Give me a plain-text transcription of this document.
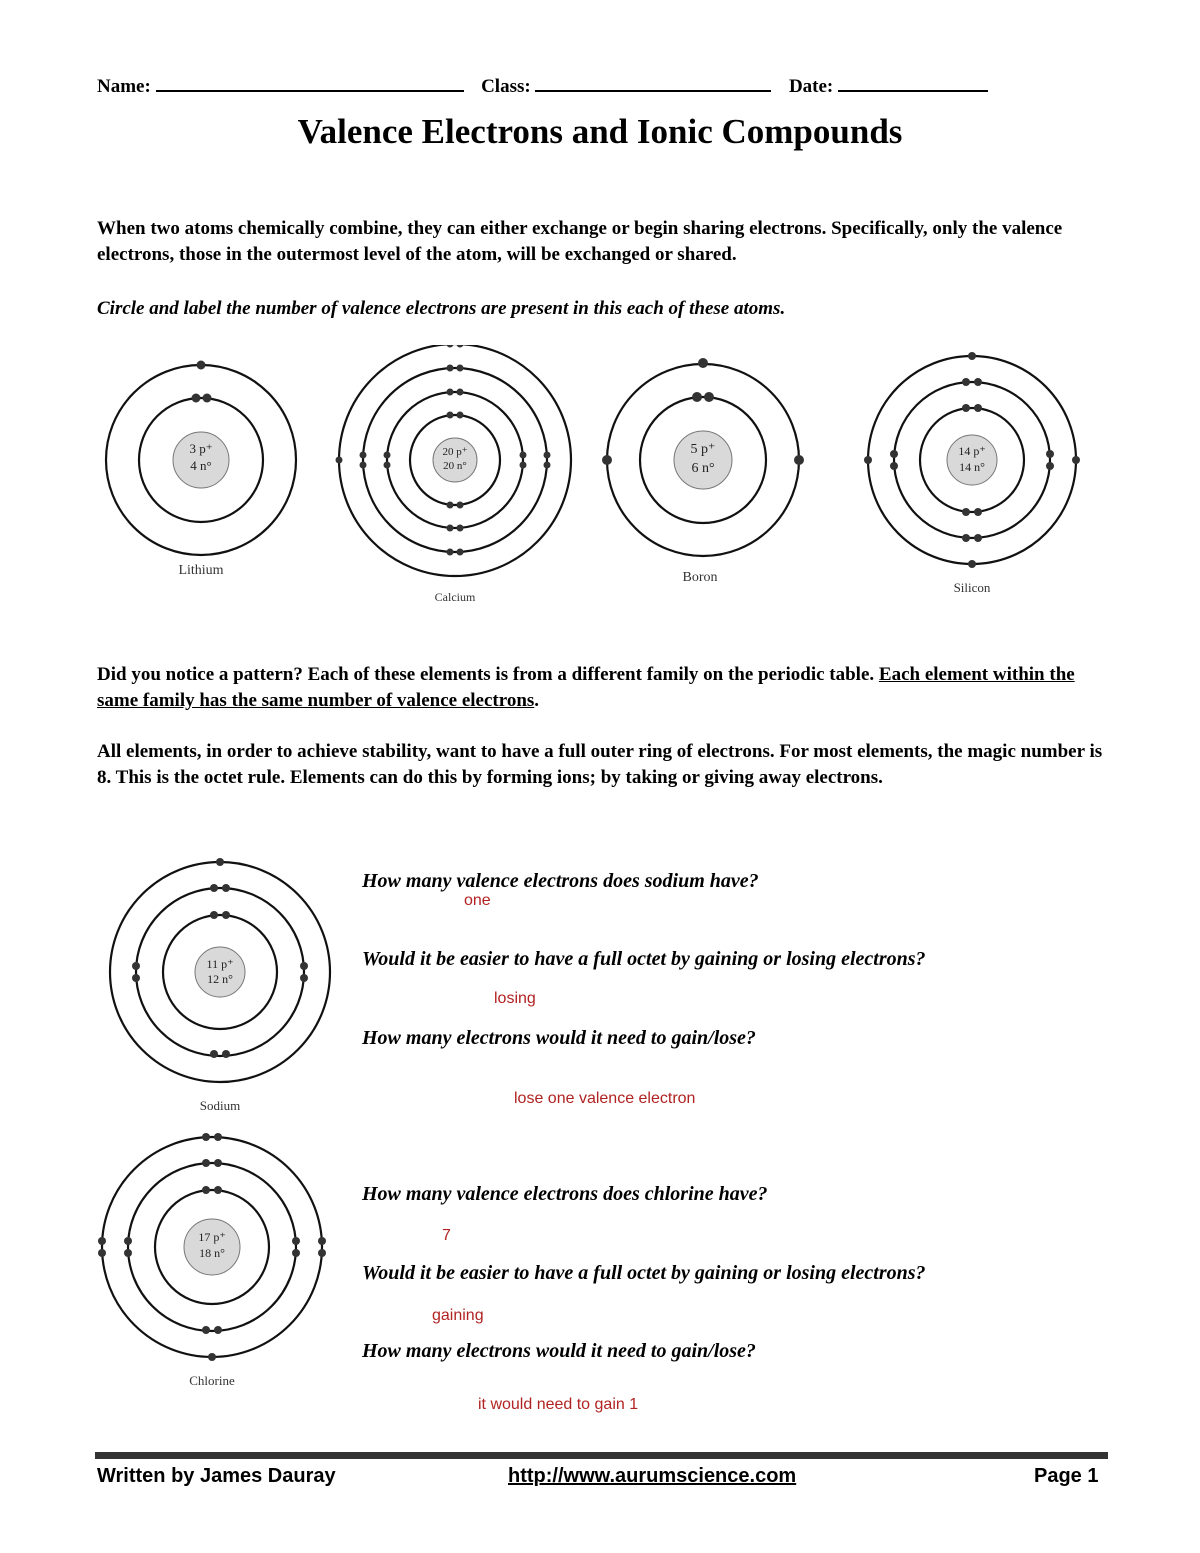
Name:	Class:	Date:
Valence Electrons and Ionic Compounds
When two atoms chemically combine, they can either exchange or begin sharing electrons. Specifically, only the valence electrons, those in the outermost level of the atom, will be exchanged or shared.
Circle and label the number of valence electrons are present in this each of these atoms.
3 p⁺
4 n°
20 p⁺
20 n°
5 p⁺
6 n°
14 p⁺
14 n°
Lithium
Calcium
Boron
Silicon
Did you notice a pattern? Each of these elements is from a different family on the periodic table. Each element within the same family has the same number of valence electrons.
All elements, in order to achieve stability, want to have a full outer ring of electrons. For most elements, the magic number is 8. This is the octet rule. Elements can do this by forming ions; by taking or giving away electrons.
11 p⁺
12 n°
Sodium
How many valence electrons does sodium have?
one
Would it be easier to have a full octet by gaining or losing electrons?
losing
How many electrons would it need to gain/lose?
lose one valence electron
17 p⁺
18 n°
Chlorine
How many valence electrons does chlorine have?
7
Would it be easier to have a full octet by gaining or losing electrons?
gaining
How many electrons would it need to gain/lose?
it would need to gain 1
Written by James Dauray	http://www.aurumscience.com	Page 1
